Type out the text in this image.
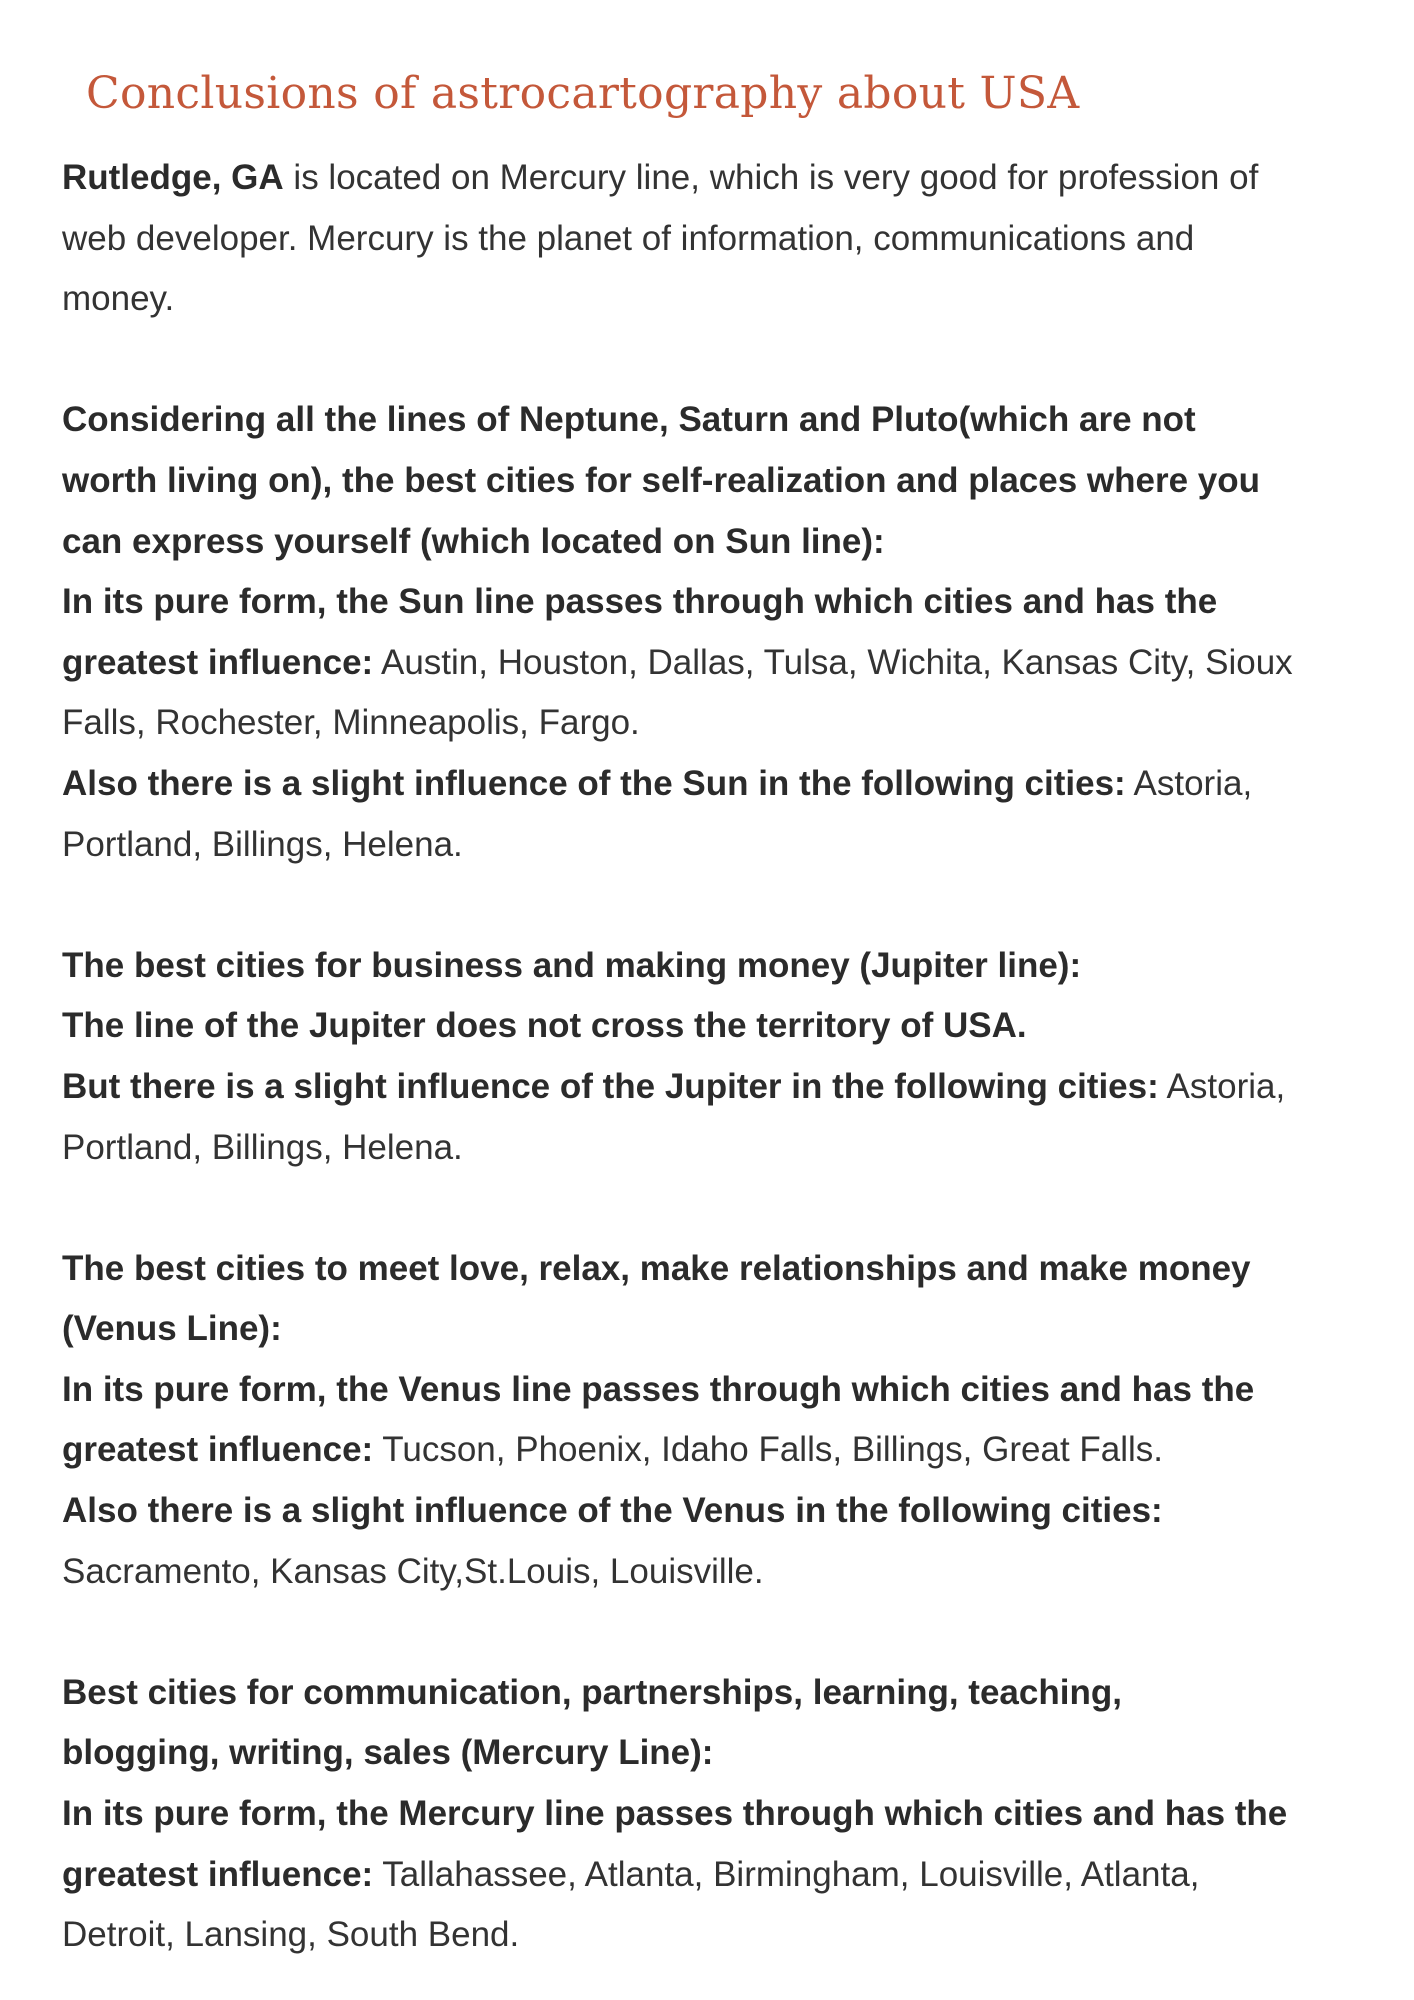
Conclusions of astrocartography about USA
Rutledge, GA is located on Mercury line, which is very good for profession of
web developer. Mercury is the planet of information, communications and
money.
Considering all the lines of Neptune, Saturn and Pluto(which are not
worth living on), the best cities for self-realization and places where you
can express yourself (which located on Sun line):
In its pure form, the Sun line passes through which cities and has the
greatest influence: Austin, Houston, Dallas, Tulsa, Wichita, Kansas City, Sioux
Falls, Rochester, Minneapolis, Fargo.
Also there is a slight influence of the Sun in the following cities: Astoria,
Portland, Billings, Helena.
The best cities for business and making money (Jupiter line):
The line of the Jupiter does not cross the territory of USA.
But there is a slight influence of the Jupiter in the following cities: Astoria,
Portland, Billings, Helena.
The best cities to meet love, relax, make relationships and make money
(Venus Line):
In its pure form, the Venus line passes through which cities and has the
greatest influence: Tucson, Phoenix, Idaho Falls, Billings, Great Falls.
Also there is a slight influence of the Venus in the following cities:
Sacramento, Kansas City,St.Louis, Louisville.
Best cities for communication, partnerships, learning, teaching,
blogging, writing, sales (Mercury Line):
In its pure form, the Mercury line passes through which cities and has the
greatest influence: Tallahassee, Atlanta, Birmingham, Louisville, Atlanta,
Detroit, Lansing, South Bend.
